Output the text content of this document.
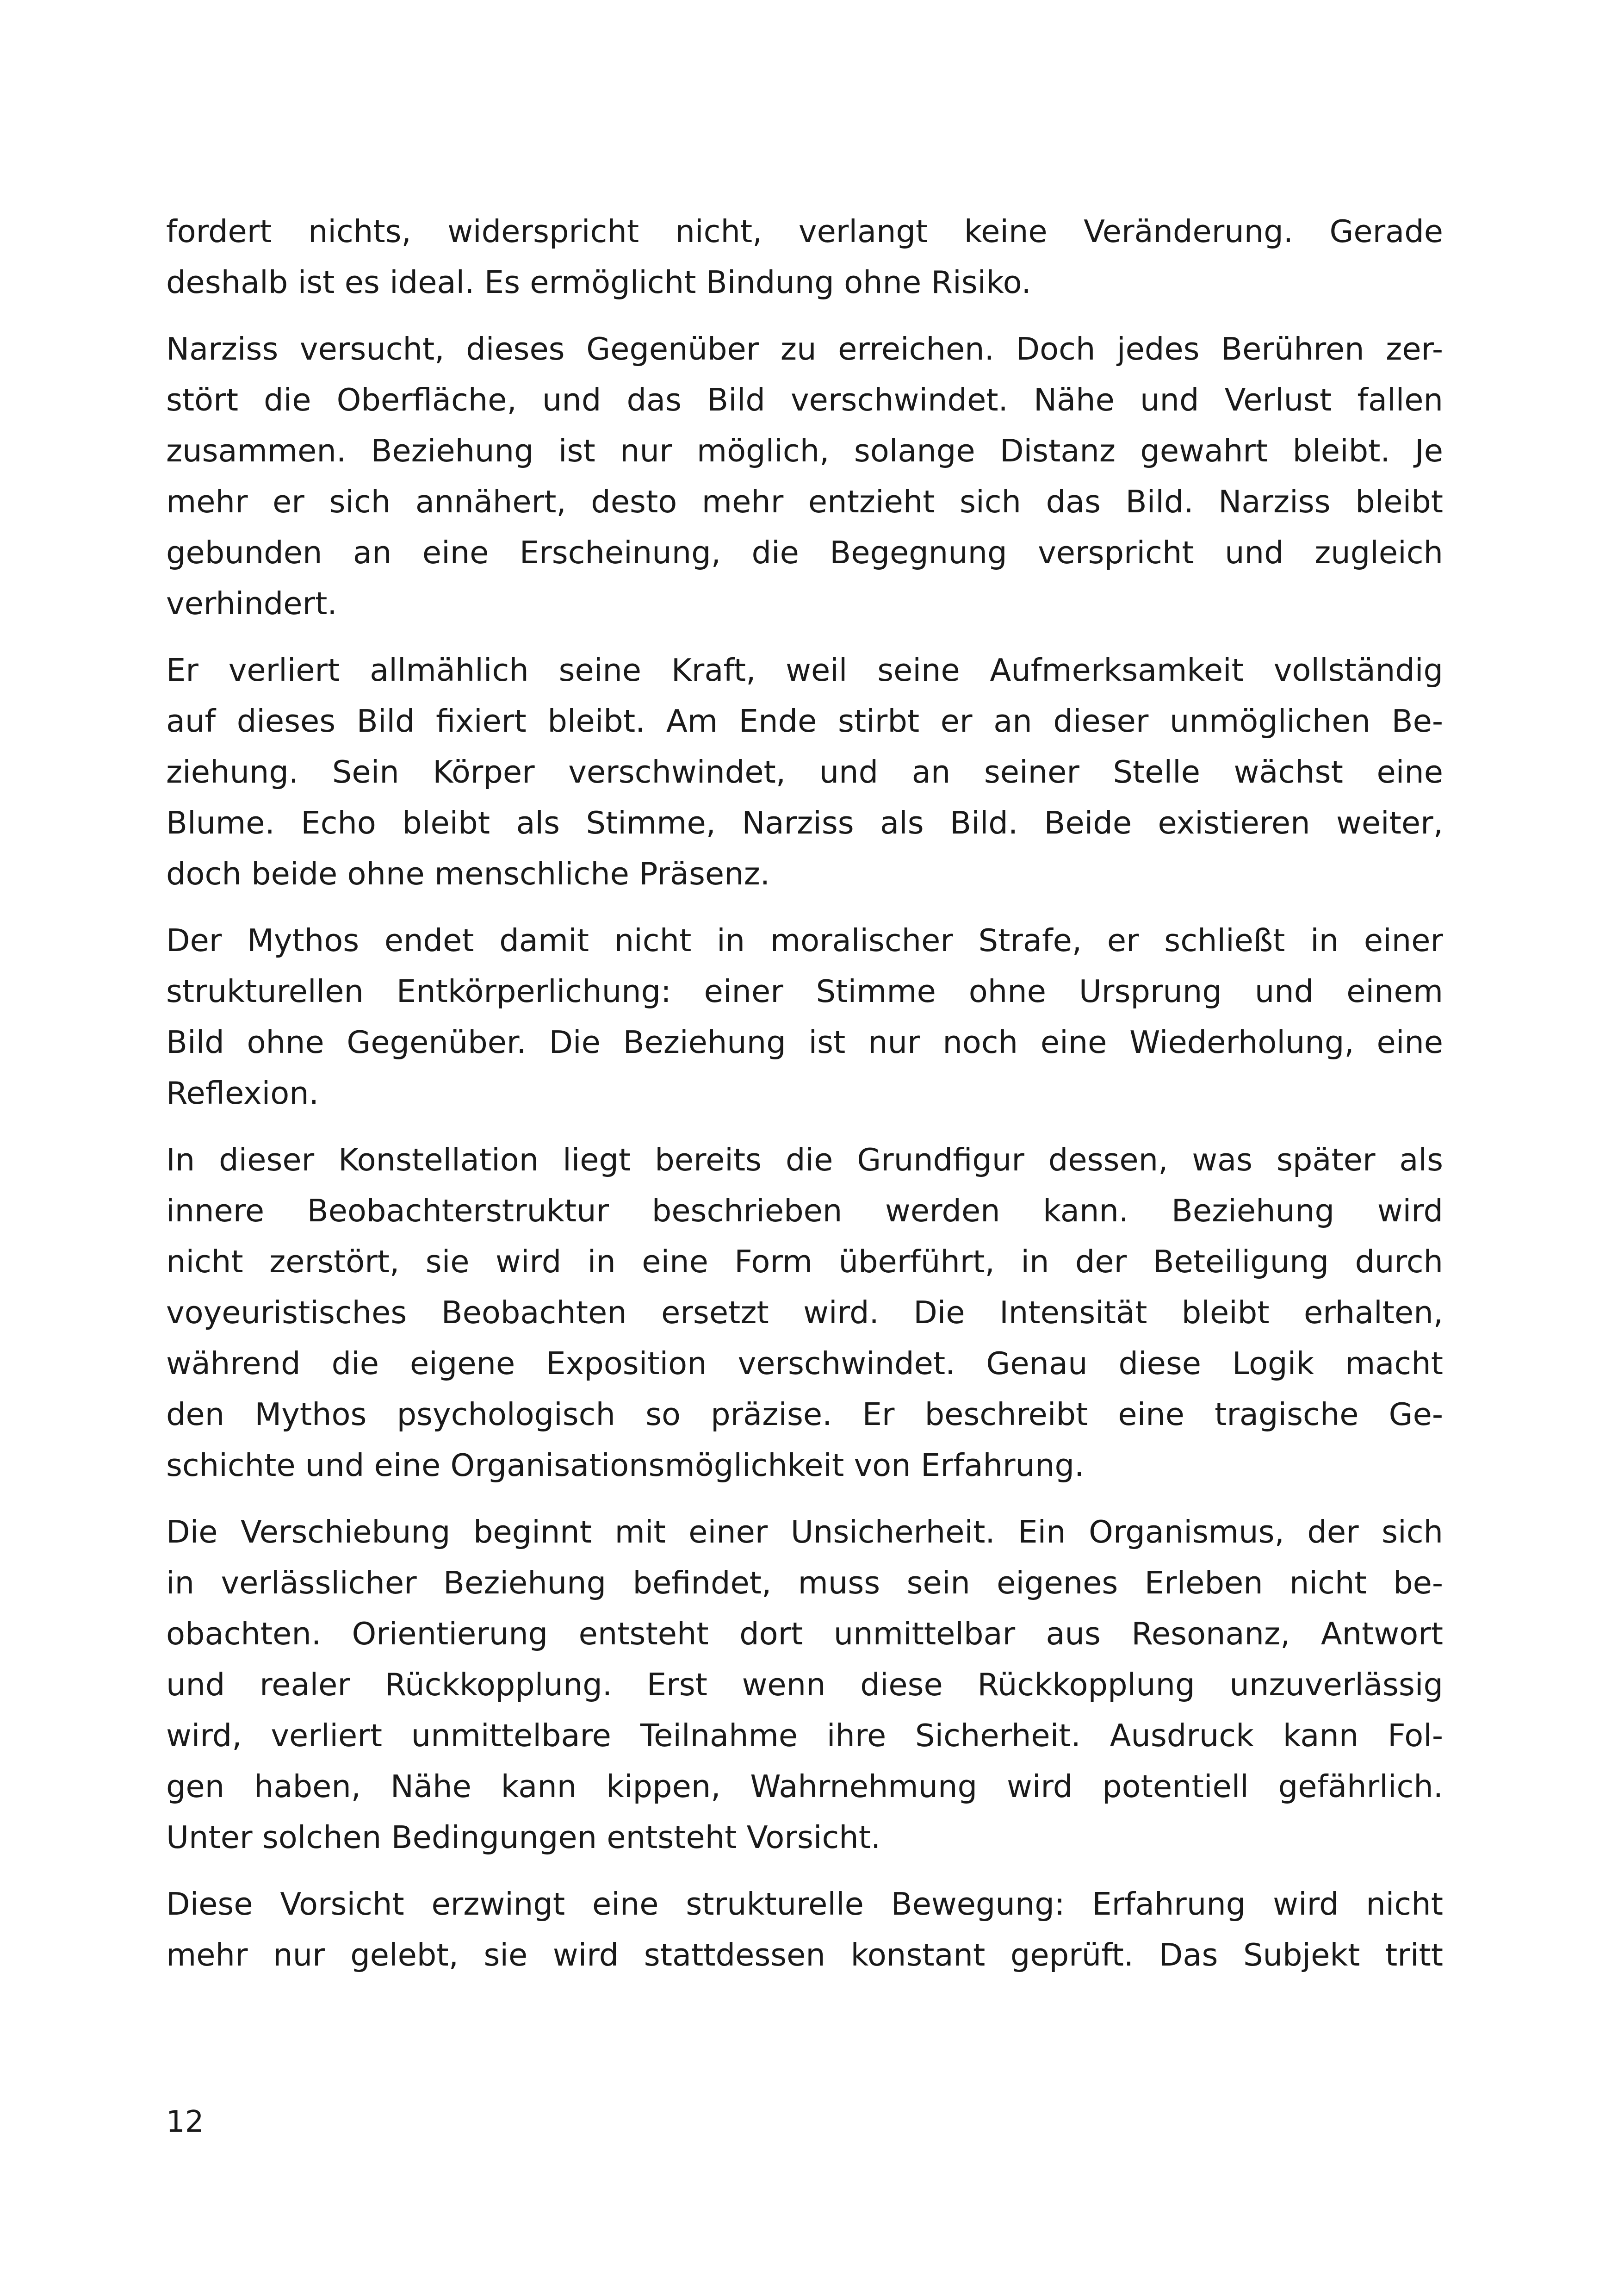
fordert nichts, widerspricht nicht, verlangt keine Veränderung. Gerade
deshalb ist es ideal. Es ermöglicht Bindung ohne Risiko.
Narziss versucht, dieses Gegenüber zu erreichen. Doch jedes Berühren zer-
stört die Oberfläche, und das Bild verschwindet. Nähe und Verlust fallen
zusammen. Beziehung ist nur möglich, solange Distanz gewahrt bleibt. Je
mehr er sich annähert, desto mehr entzieht sich das Bild. Narziss bleibt
gebunden an eine Erscheinung, die Begegnung verspricht und zugleich
verhindert.
Er verliert allmählich seine Kraft, weil seine Aufmerksamkeit vollständig
auf dieses Bild fixiert bleibt. Am Ende stirbt er an dieser unmöglichen Be-
ziehung. Sein Körper verschwindet, und an seiner Stelle wächst eine
Blume. Echo bleibt als Stimme, Narziss als Bild. Beide existieren weiter,
doch beide ohne menschliche Präsenz.
Der Mythos endet damit nicht in moralischer Strafe, er schließt in einer
strukturellen Entkörperlichung: einer Stimme ohne Ursprung und einem
Bild ohne Gegenüber. Die Beziehung ist nur noch eine Wiederholung, eine
Reflexion.
In dieser Konstellation liegt bereits die Grundfigur dessen, was später als
innere Beobachterstruktur beschrieben werden kann. Beziehung wird
nicht zerstört, sie wird in eine Form überführt, in der Beteiligung durch
voyeuristisches Beobachten ersetzt wird. Die Intensität bleibt erhalten,
während die eigene Exposition verschwindet. Genau diese Logik macht
den Mythos psychologisch so präzise. Er beschreibt eine tragische Ge-
schichte und eine Organisationsmöglichkeit von Erfahrung.
Die Verschiebung beginnt mit einer Unsicherheit. Ein Organismus, der sich
in verlässlicher Beziehung befindet, muss sein eigenes Erleben nicht be-
obachten. Orientierung entsteht dort unmittelbar aus Resonanz, Antwort
und realer Rückkopplung. Erst wenn diese Rückkopplung unzuverlässig
wird, verliert unmittelbare Teilnahme ihre Sicherheit. Ausdruck kann Fol-
gen haben, Nähe kann kippen, Wahrnehmung wird potentiell gefährlich.
Unter solchen Bedingungen entsteht Vorsicht.
Diese Vorsicht erzwingt eine strukturelle Bewegung: Erfahrung wird nicht
mehr nur gelebt, sie wird stattdessen konstant geprüft. Das Subjekt tritt
12
